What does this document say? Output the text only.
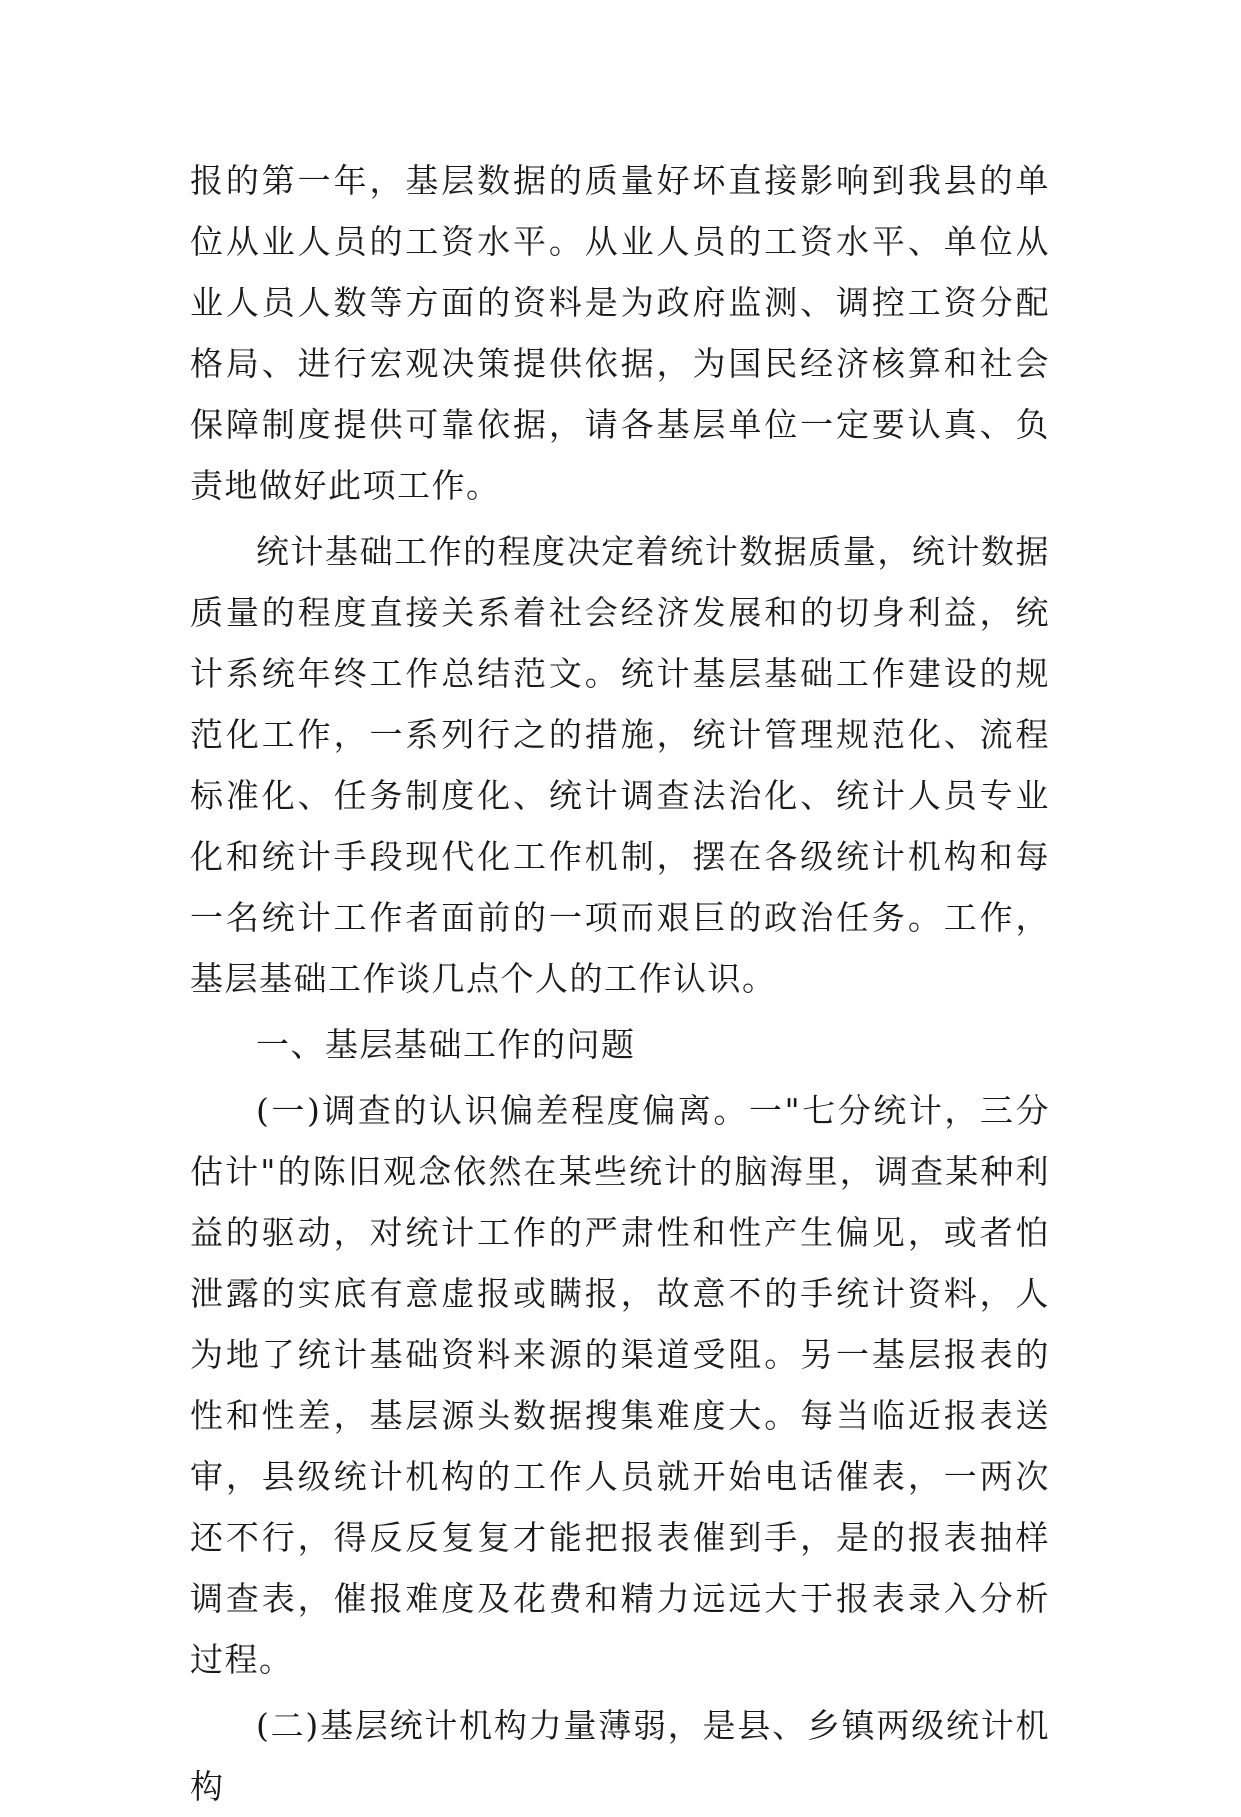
报的第一年，基层数据的质量好坏直接影响到我县的单位从业人员的工资水平。从业人员的工资水平、单位从业人员人数等方面的资料是为政府监测、调控工资分配格局、进行宏观决策提供依据，为国民经济核算和社会保障制度提供可靠依据，请各基层单位一定要认真、负责地做好此项工作。

统计基础工作的程度决定着统计数据质量，统计数据质量的程度直接关系着社会经济发展和的切身利益，统计系统年终工作总结范文。统计基层基础工作建设的规范化工作，一系列行之的措施，统计管理规范化、流程标准化、任务制度化、统计调查法治化、统计人员专业化和统计手段现代化工作机制，摆在各级统计机构和每一名统计工作者面前的一项而艰巨的政治任务。工作，基层基础工作谈几点个人的工作认识。

一、基层基础工作的问题

(一)调查的认识偏差程度偏离。一"七分统计，三分估计"的陈旧观念依然在某些统计的脑海里，调查某种利益的驱动，对统计工作的严肃性和性产生偏见，或者怕泄露的实底有意虚报或瞒报，故意不的手统计资料，人为地了统计基础资料来源的渠道受阻。另一基层报表的性和性差，基层源头数据搜集难度大。每当临近报表送审，县级统计机构的工作人员就开始电话催表，一两次还不行，得反反复复才能把报表催到手，是的报表抽样调查表，催报难度及花费和精力远远大于报表录入分析过程。

(二)基层统计机构力量薄弱，是县、乡镇两级统计机构
